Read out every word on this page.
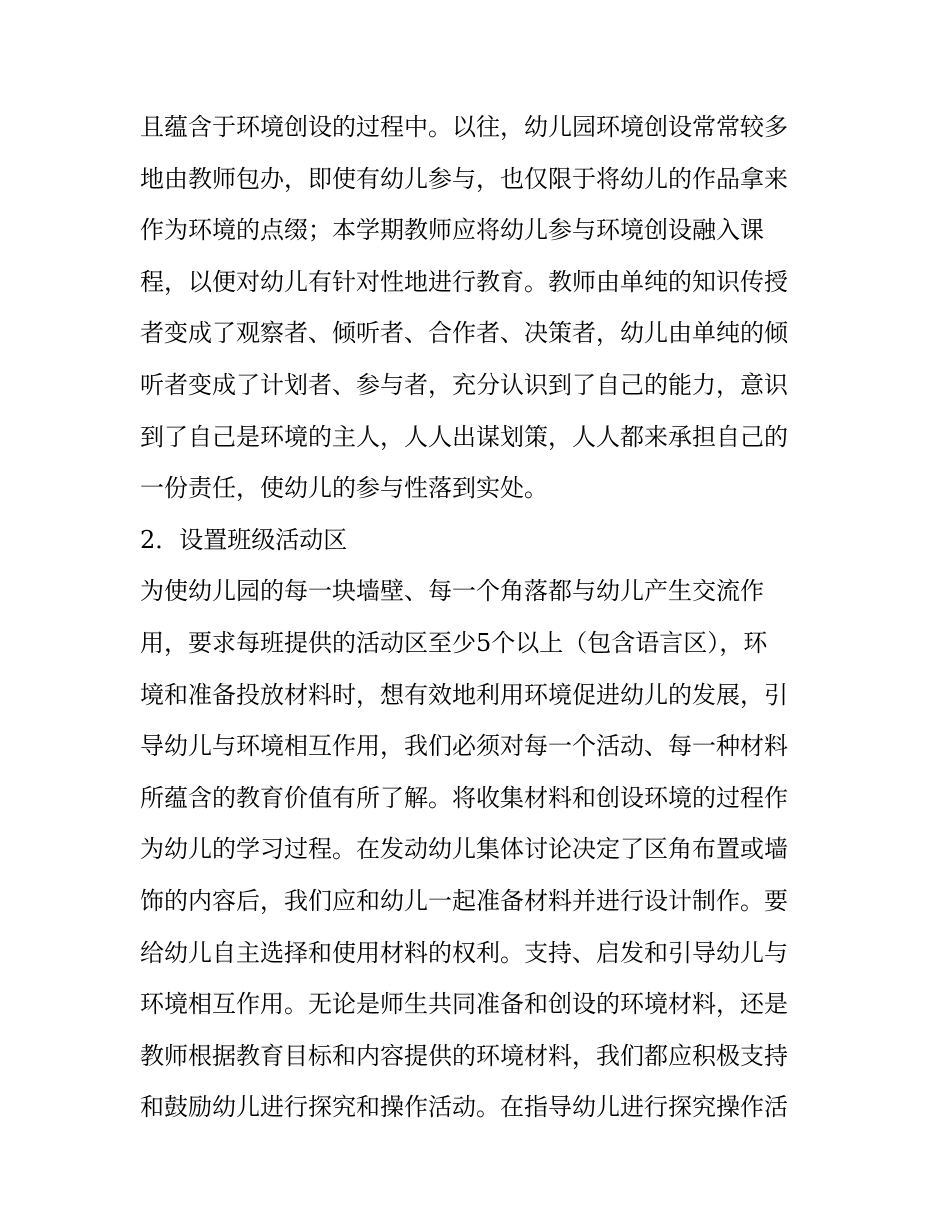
且蕴含于环境创设的过程中。以往，幼儿园环境创设常常较多

地由教师包办，即使有幼儿参与，也仅限于将幼儿的作品拿来

作为环境的点缀；本学期教师应将幼儿参与环境创设融入课

程，以便对幼儿有针对性地进行教育。教师由单纯的知识传授

者变成了观察者、倾听者、合作者、决策者，幼儿由单纯的倾

听者变成了计划者、参与者，充分认识到了自己的能力，意识

到了自己是环境的主人，人人出谋划策，人人都来承担自己的

一份责任，使幼儿的参与性落到实处。

2．设置班级活动区

为使幼儿园的每一块墙壁、每一个角落都与幼儿产生交流作

用，要求每班提供的活动区至少5个以上（包含语言区），环

境和准备投放材料时，想有效地利用环境促进幼儿的发展，引

导幼儿与环境相互作用，我们必须对每一个活动、每一种材料

所蕴含的教育价值有所了解。将收集材料和创设环境的过程作

为幼儿的学习过程。在发动幼儿集体讨论决定了区角布置或墙

饰的内容后，我们应和幼儿一起准备材料并进行设计制作。要

给幼儿自主选择和使用材料的权利。支持、启发和引导幼儿与

环境相互作用。无论是师生共同准备和创设的环境材料，还是

教师根据教育目标和内容提供的环境材料，我们都应积极支持

和鼓励幼儿进行探究和操作活动。在指导幼儿进行探究操作活
